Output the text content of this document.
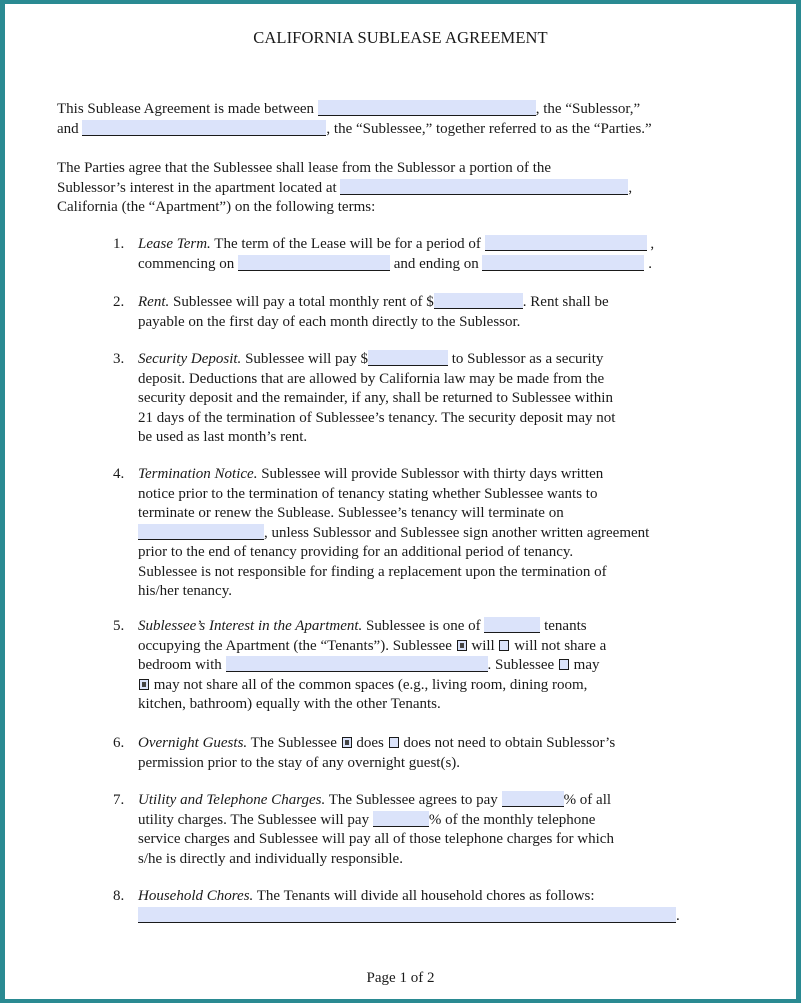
CALIFORNIA SUBLEASE AGREEMENT
This Sublease Agreement is made between	, the “Sublessor,”
and	, the “Sublessee,” together referred to as the “Parties.”
The Parties agree that the Sublessee shall lease from the Sublessor a portion of the
Sublessor’s interest in the apartment located at	,
California (the “Apartment”) on the following terms:
1. Lease Term. The term of the Lease will be for a period of	,
commencing on	and ending on	.
2. Rent. Sublessee will pay a total monthly rent of $	. Rent shall be
payable on the first day of each month directly to the Sublessor.
3. Security Deposit. Sublessee will pay $	to Sublessor as a security
deposit. Deductions that are allowed by California law may be made from the
security deposit and the remainder, if any, shall be returned to Sublessee within
21 days of the termination of Sublessee’s tenancy. The security deposit may not
be used as last month’s rent.
4. Termination Notice. Sublessee will provide Sublessor with thirty days written
notice prior to the termination of tenancy stating whether Sublessee wants to
terminate or renew the Sublease. Sublessee’s tenancy will terminate on
, unless Sublessor and Sublessee sign another written agreement
prior to the end of tenancy providing for an additional period of tenancy.
Sublessee is not responsible for finding a replacement upon the termination of
his/her tenancy.
5. Sublessee’s Interest in the Apartment. Sublessee is one of	tenants
occupying the Apartment (the “Tenants”). Sublessee will will not share a
bedroom with	. Sublessee may
may not share all of the common spaces (e.g., living room, dining room,
kitchen, bathroom) equally with the other Tenants.
6. Overnight Guests. The Sublessee does does not need to obtain Sublessor’s
permission prior to the stay of any overnight guest(s).
7. Utility and Telephone Charges. The Sublessee agrees to pay	% of all
utility charges. The Sublessee will pay	% of the monthly telephone
service charges and Sublessee will pay all of those telephone charges for which
s/he is directly and individually responsible.
8. Household Chores. The Tenants will divide all household chores as follows:
.
Page 1 of 2
